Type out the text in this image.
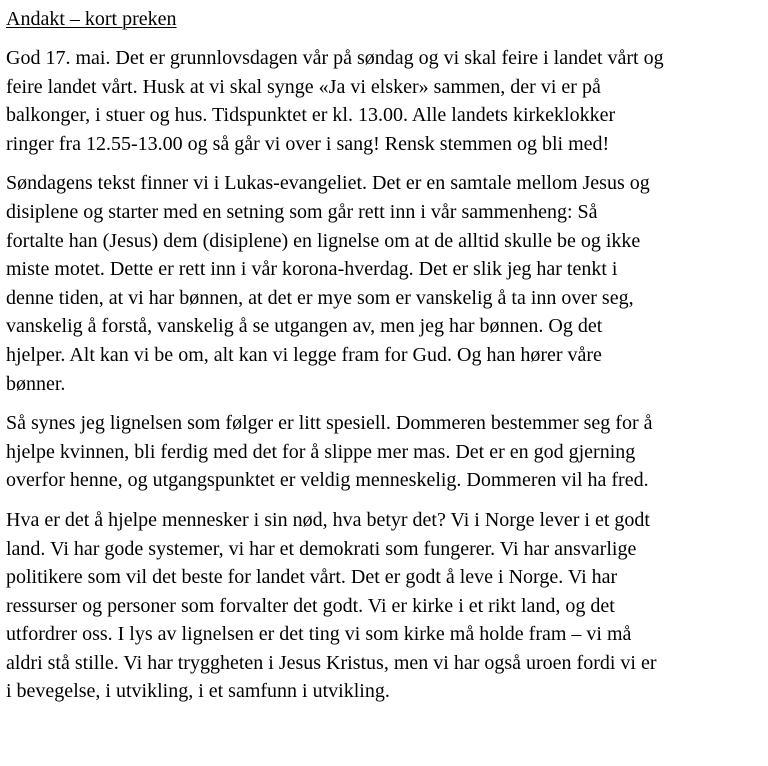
Andakt – kort preken

God 17. mai. Det er grunnlovsdagen vår på søndag og vi skal feire i landet vårt og
feire landet vårt. Husk at vi skal synge «Ja vi elsker» sammen, der vi er på
balkonger, i stuer og hus. Tidspunktet er kl. 13.00. Alle landets kirkeklokker
ringer fra 12.55-13.00 og så går vi over i sang! Rensk stemmen og bli med!

Søndagens tekst finner vi i Lukas-evangeliet. Det er en samtale mellom Jesus og
disiplene og starter med en setning som går rett inn i vår sammenheng: Så
fortalte han (Jesus) dem (disiplene) en lignelse om at de alltid skulle be og ikke
miste motet. Dette er rett inn i vår korona-hverdag. Det er slik jeg har tenkt i
denne tiden, at vi har bønnen, at det er mye som er vanskelig å ta inn over seg,
vanskelig å forstå, vanskelig å se utgangen av, men jeg har bønnen. Og det
hjelper. Alt kan vi be om, alt kan vi legge fram for Gud. Og han hører våre
bønner.

Så synes jeg lignelsen som følger er litt spesiell. Dommeren bestemmer seg for å
hjelpe kvinnen, bli ferdig med det for å slippe mer mas. Det er en god gjerning
overfor henne, og utgangspunktet er veldig menneskelig. Dommeren vil ha fred.

Hva er det å hjelpe mennesker i sin nød, hva betyr det? Vi i Norge lever i et godt
land. Vi har gode systemer, vi har et demokrati som fungerer. Vi har ansvarlige
politikere som vil det beste for landet vårt. Det er godt å leve i Norge. Vi har
ressurser og personer som forvalter det godt. Vi er kirke i et rikt land, og det
utfordrer oss. I lys av lignelsen er det ting vi som kirke må holde fram – vi må
aldri stå stille. Vi har tryggheten i Jesus Kristus, men vi har også uroen fordi vi er
i bevegelse, i utvikling, i et samfunn i utvikling.
